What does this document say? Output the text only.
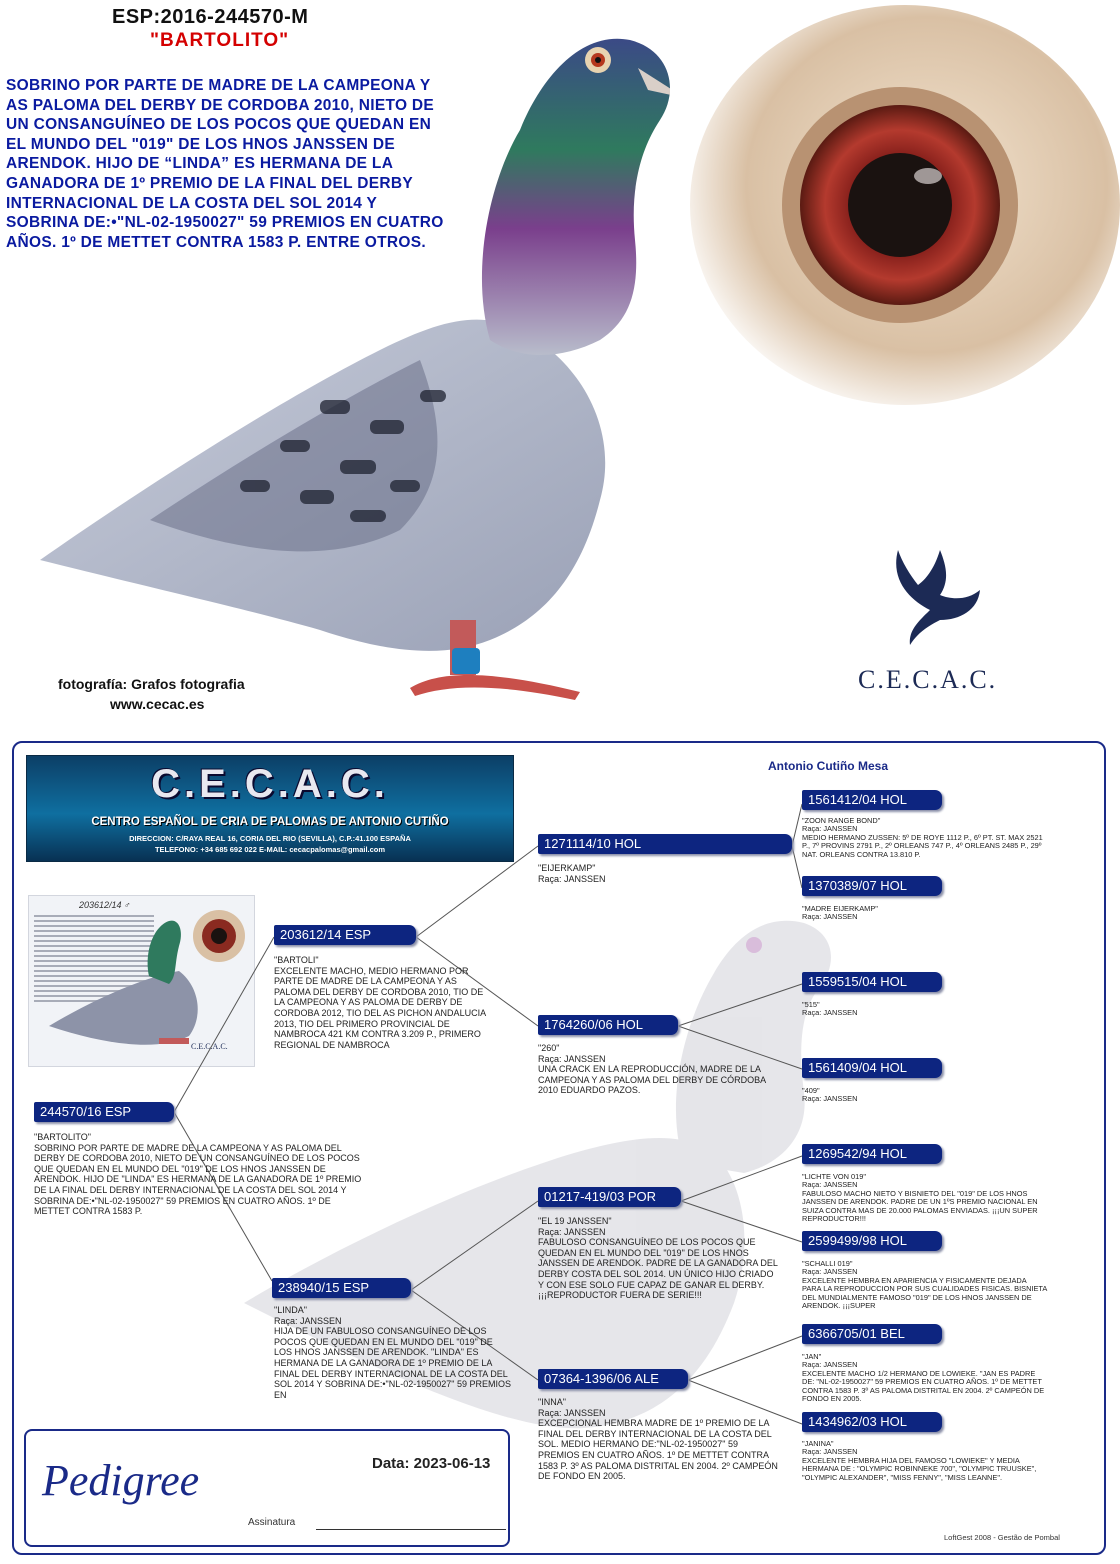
ESP:2016-244570-M
"BARTOLITO"
SOBRINO POR PARTE DE MADRE DE LA CAMPEONA Y AS PALOMA DEL DERBY DE CORDOBA 2010, NIETO DE UN CONSANGUÍNEO DE LOS POCOS QUE QUEDAN EN EL MUNDO DEL "019" DE LOS HNOS JANSSEN DE ARENDOK. HIJO DE “LINDA” ES HERMANA DE LA GANADORA DE 1º PREMIO DE LA FINAL DEL DERBY INTERNACIONAL DE LA COSTA DEL SOL 2014 Y SOBRINA DE:•"NL-02-1950027" 59 PREMIOS EN CUATRO AÑOS. 1º DE METTET CONTRA 1583 P. ENTRE OTROS.
C.E.C.A.C.
fotografía: Grafos fotografia
www.cecac.es
Antonio Cutiño Mesa
C.E.C.A.C.
CENTRO ESPAÑOL DE CRIA DE PALOMAS DE ANTONIO CUTIÑO
DIRECCION: C/RAYA REAL 16, CORIA DEL RIO (SEVILLA), C.P.:41.100 ESPAÑA
TELEFONO: +34 685 692 022 E-MAIL: cecacpalomas@gmail.com
203612/14 ♂
C.E.C.A.C.
244570/16 ESP
"BARTOLITO"
SOBRINO POR PARTE DE MADRE DE LA CAMPEONA Y AS PALOMA DEL DERBY DE CORDOBA 2010, NIETO DE UN CONSANGUÍNEO DE LOS POCOS QUE QUEDAN EN EL MUNDO DEL "019" DE LOS HNOS JANSSEN DE ARENDOK. HIJO DE "LINDA" ES HERMANA DE LA GANADORA DE 1º PREMIO DE LA FINAL DEL DERBY INTERNACIONAL DE LA COSTA DEL SOL 2014 Y SOBRINA DE:•"NL-02-1950027" 59 PREMIOS EN CUATRO AÑOS. 1º DE METTET CONTRA 1583 P.
203612/14 ESP
"BARTOLI"
EXCELENTE MACHO, MEDIO HERMANO POR PARTE DE MADRE DE LA CAMPEONA Y AS PALOMA DEL DERBY DE CORDOBA 2010, TIO DE LA CAMPEONA Y AS PALOMA DE DERBY DE CORDOBA 2012, TIO DEL AS PICHON ANDALUCIA 2013, TIO DEL PRIMERO PROVINCIAL DE NAMBROCA 421 KM CONTRA 3.209 P., PRIMERO REGIONAL DE NAMBROCA
238940/15 ESP
"LINDA"
Raça: JANSSEN
HIJA DE UN FABULOSO CONSANGUÍNEO DE LOS POCOS QUE QUEDAN EN EL MUNDO DEL "019" DE LOS HNOS JANSSEN DE ARENDOK. "LINDA" ES HERMANA DE LA GANADORA DE 1º PREMIO DE LA FINAL DEL DERBY INTERNACIONAL DE LA COSTA DEL SOL 2014 Y SOBRINA DE:•"NL-02-1950027" 59 PREMIOS EN
1271114/10 HOL
"EIJERKAMP"
Raça: JANSSEN
1764260/06 HOL
"260"
Raça: JANSSEN
UNA CRACK EN LA REPRODUCCIÓN, MADRE DE LA CAMPEONA Y AS PALOMA DEL DERBY DE CÓRDOBA 2010 EDUARDO PAZOS.
01217-419/03 POR
"EL 19 JANSSEN"
Raça: JANSSEN
FABULOSO CONSANGUÍNEO DE LOS POCOS QUE QUEDAN EN EL MUNDO DEL "019" DE LOS HNOS JANSSEN DE ARENDOK. PADRE DE LA GANADORA DEL DERBY COSTA DEL SOL 2014. UN ÚNICO HIJO CRIADO Y CON ESE SOLO FUE CAPAZ DE GANAR EL DERBY. ¡¡¡REPRODUCTOR FUERA DE SERIE!!!
07364-1396/06 ALE
"INNA"
Raça: JANSSEN
EXCEPCIONAL HEMBRA MADRE DE 1º PREMIO DE LA FINAL DEL DERBY INTERNACIONAL DE LA COSTA DEL SOL. MEDIO HERMANO DE:"NL-02-1950027" 59 PREMIOS EN CUATRO AÑOS. 1º DE METTET CONTRA 1583 P. 3º AS PALOMA DISTRITAL EN 2004. 2º CAMPEÓN DE FONDO EN 2005.
1561412/04 HOL
"ZOON RANGE BOND"
Raça: JANSSEN
MEDIO HERMANO ZUSSEN: 5º DE ROYE 1112 P., 6º PT. ST. MAX 2521 P., 7º PROVINS 2791 P., 2º ORLEANS 747 P., 4º ORLEANS 2485 P., 29º NAT. ORLEANS CONTRA 13.810 P.
1370389/07 HOL
"MADRE EIJERKAMP"
Raça: JANSSEN
1559515/04 HOL
"515"
Raça: JANSSEN
1561409/04 HOL
"409"
Raça: JANSSEN
1269542/94 HOL
"LICHTE VON 019"
Raça: JANSSEN
FABULOSO MACHO NIETO Y BISNIETO DEL "019" DE LOS HNOS JANSSEN DE ARENDOK. PADRE DE UN 1ºS PREMIO NACIONAL EN SUIZA CONTRA MAS DE 20.000 PALOMAS ENVIADAS. ¡¡¡UN SUPER REPRODUCTOR!!!
2599499/98 HOL
"SCHALLI 019"
Raça: JANSSEN
EXCELENTE HEMBRA EN APARIENCIA Y FISICAMENTE DEJADA PARA LA REPRODUCCION POR SUS CUALIDADES FISICAS. BISNIETA DEL MUNDIALMENTE FAMOSO "019" DE LOS HNOS JANSSEN DE ARENDOK. ¡¡¡SUPER
6366705/01 BEL
"JAN"
Raça: JANSSEN
EXCELENTE MACHO 1/2 HERMANO DE LOWIEKE. "JAN ES PADRE DE: "NL-02-1950027" 59 PREMIOS EN CUATRO AÑOS. 1º DE METTET CONTRA 1583 P. 3º AS PALOMA DISTRITAL EN 2004. 2º CAMPEÓN DE FONDO EN 2005.
1434962/03 HOL
"JANINA"
Raça: JANSSEN
EXCELENTE HEMBRA HIJA DEL FAMOSO "LOWIEKE" Y MEDIA HERMANA DE : "OLYMPIC ROBINNEKE 700", "OLYMPIC TRUUSKE", "OLYMPIC ALEXANDER", "MISS FENNY", "MISS LEANNE".
Pedigree	Data: 2023-06-13
Assinatura
LoftGest 2008 - Gestão de Pombal
